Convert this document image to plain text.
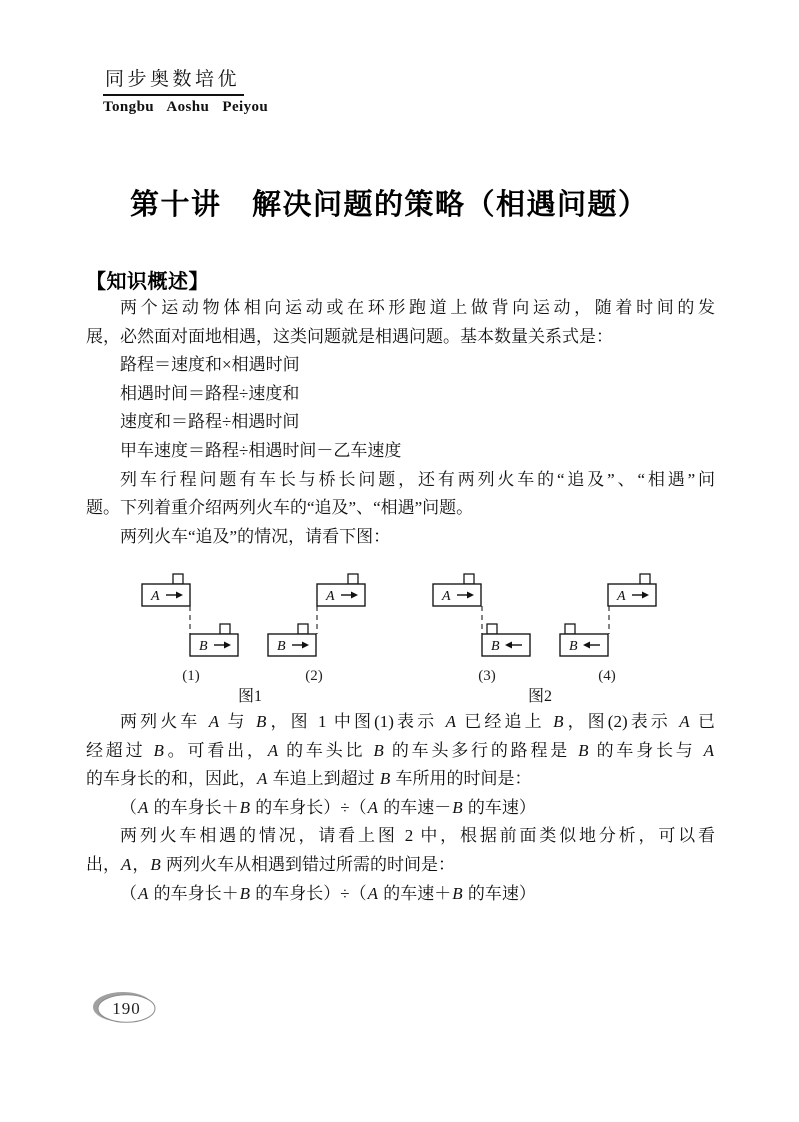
同步奥数培优
Tongbu Aoshu Peiyou
第十讲　解决问题的策略（相遇问题）
【知识概述】
两个运动物体相向运动或在环形跑道上做背向运动，随着时间的发
展，必然面对面地相遇，这类问题就是相遇问题。基本数量关系式是：
路程＝速度和×相遇时间
相遇时间＝路程÷速度和
速度和＝路程÷相遇时间
甲车速度＝路程÷相遇时间－乙车速度
列车行程问题有车长与桥长问题，还有两列火车的“追及”、“相遇”问
题。下列着重介绍两列火车的“追及”、“相遇”问题。
两列火车“追及”的情况，请看下图：
A
B
(1)
B
A
(2)
图1
A
B
(3)
B
A
(4)
图2
两列火车 A 与 B，图 1 中图(1)表示 A 已经追上 B，图(2)表示 A 已
经超过 B。可看出，A 的车头比 B 的车头多行的路程是 B 的车身长与 A
的车身长的和，因此，A 车追上到超过 B 车所用的时间是：
（A 的车身长＋B 的车身长）÷（A 的车速－B 的车速）
两列火车相遇的情况，请看上图 2 中，根据前面类似地分析，可以看
出，A，B 两列火车从相遇到错过所需的时间是：
（A 的车身长＋B 的车身长）÷（A 的车速＋B 的车速）
190
